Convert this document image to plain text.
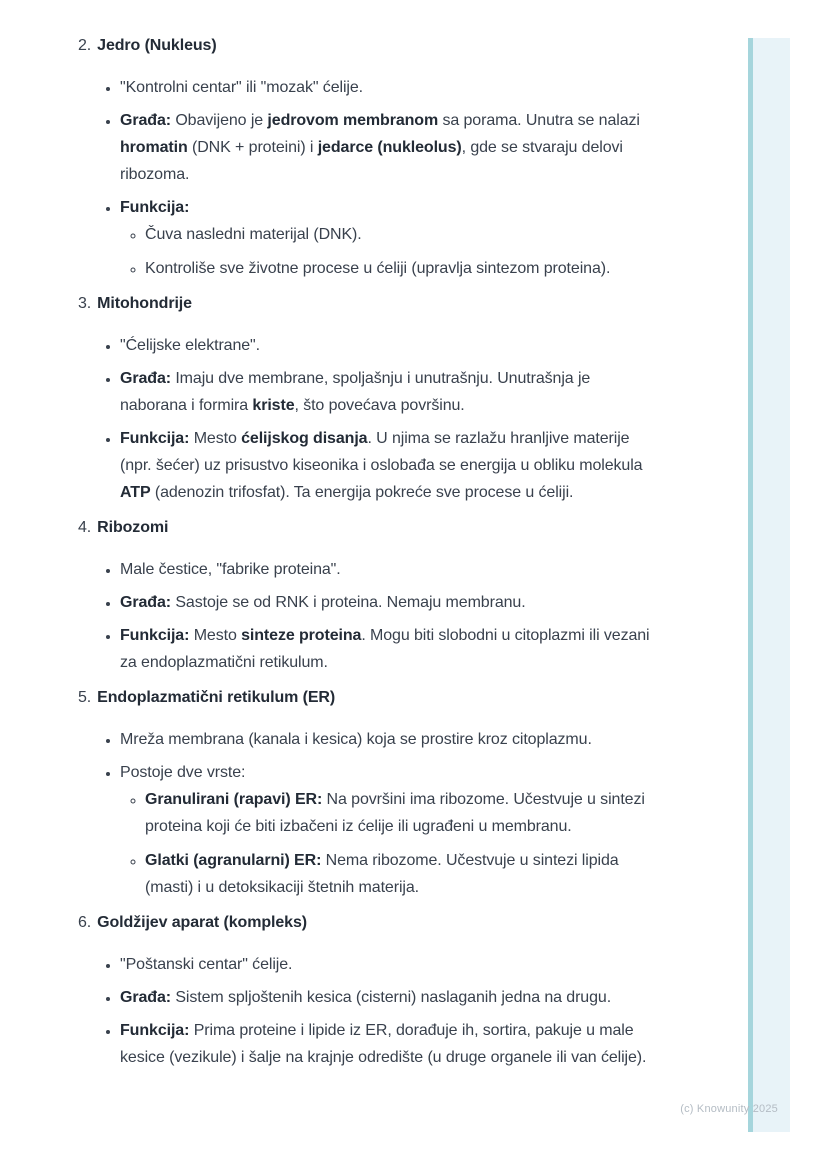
(c) Knowunity 2025
2. Jedro (Nukleus)
• "Kontrolni centar" ili "mozak" ćelije.
• Građa: Obavijeno je jedrovom membranom sa porama. Unutra se nalazi hromatin (DNK + proteini) i jedarce (nukleolus), gde se stvaraju delovi ribozoma.
• Funkcija:
◦ Čuva nasledni materijal (DNK).
◦ Kontroliše sve životne procese u ćeliji (upravlja sintezom proteina).
3. Mitohondrije
• "Ćelijske elektrane".
• Građa: Imaju dve membrane, spoljašnju i unutrašnju. Unutrašnja je naborana i formira kriste, što povećava površinu.
• Funkcija: Mesto ćelijskog disanja. U njima se razlažu hranljive materije (npr. šećer) uz prisustvo kiseonika i oslobađa se energija u obliku molekula ATP (adenozin trifosfat). Ta energija pokreće sve procese u ćeliji.
4. Ribozomi
• Male čestice, "fabrike proteina".
• Građa: Sastoje se od RNK i proteina. Nemaju membranu.
• Funkcija: Mesto sinteze proteina. Mogu biti slobodni u citoplazmi ili vezani za endoplazmatični retikulum.
5. Endoplazmatični retikulum (ER)
• Mreža membrana (kanala i kesica) koja se prostire kroz citoplazmu.
• Postoje dve vrste:
◦ Granulirani (rapavi) ER: Na površini ima ribozome. Učestvuje u sintezi proteina koji će biti izbačeni iz ćelije ili ugrađeni u membranu.
◦ Glatki (agranularni) ER: Nema ribozome. Učestvuje u sintezi lipida (masti) i u detoksikaciji štetnih materija.
6. Goldžijev aparat (kompleks)
• "Poštanski centar" ćelije.
• Građa: Sistem spljoštenih kesica (cisterni) naslaganih jedna na drugu.
• Funkcija: Prima proteine i lipide iz ER, dorađuje ih, sortira, pakuje u male kesice (vezikule) i šalje na krajnje odredište (u druge organele ili van ćelije).
